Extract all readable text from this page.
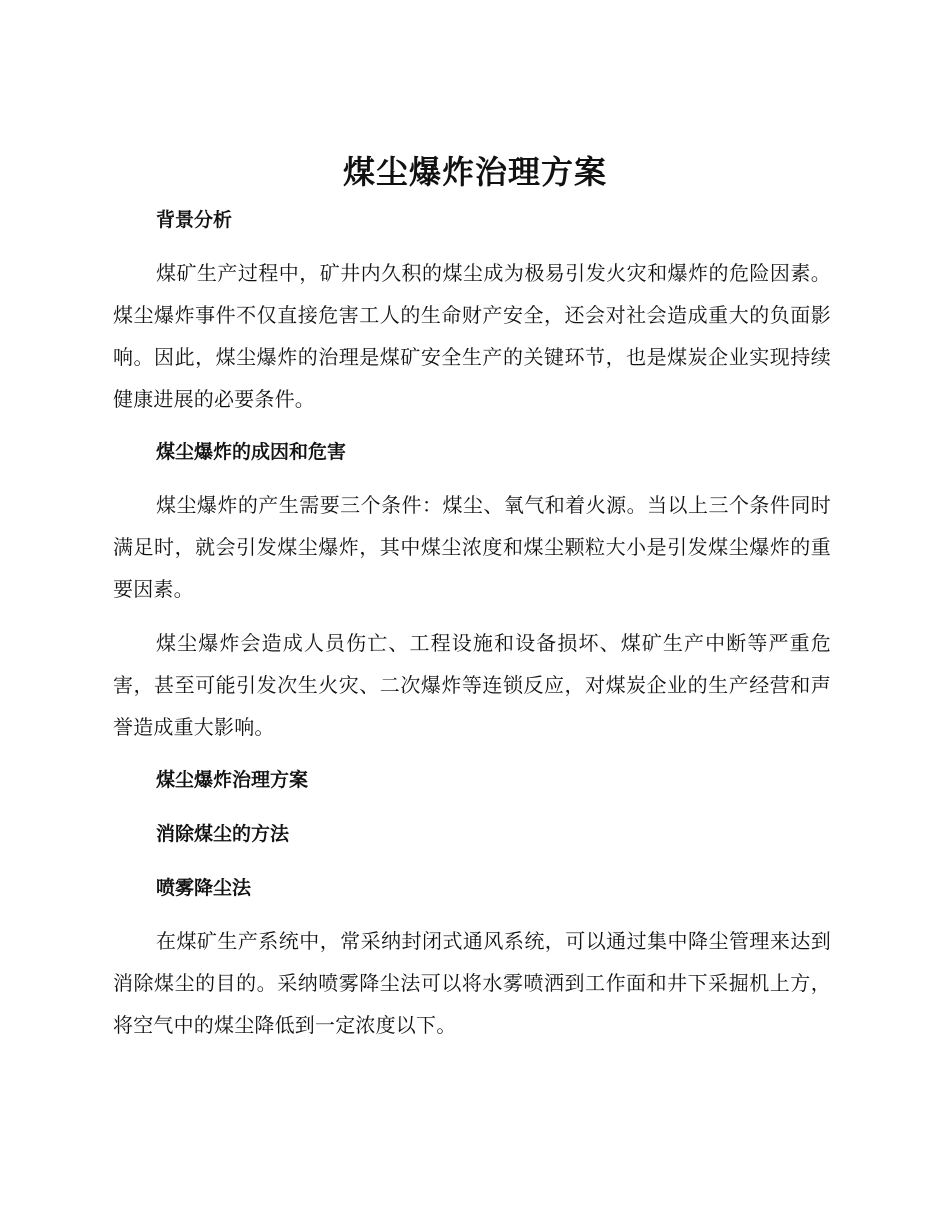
煤尘爆炸治理方案

背景分析

煤矿生产过程中，矿井内久积的煤尘成为极易引发火灾和爆炸的危险因素。煤尘爆炸事件不仅直接危害工人的生命财产安全，还会对社会造成重大的负面影响。因此，煤尘爆炸的治理是煤矿安全生产的关键环节，也是煤炭企业实现持续健康进展的必要条件。

煤尘爆炸的成因和危害

煤尘爆炸的产生需要三个条件：煤尘、氧气和着火源。当以上三个条件同时满足时，就会引发煤尘爆炸，其中煤尘浓度和煤尘颗粒大小是引发煤尘爆炸的重要因素。

煤尘爆炸会造成人员伤亡、工程设施和设备损坏、煤矿生产中断等严重危害，甚至可能引发次生火灾、二次爆炸等连锁反应，对煤炭企业的生产经营和声誉造成重大影响。

煤尘爆炸治理方案

消除煤尘的方法

喷雾降尘法

在煤矿生产系统中，常采纳封闭式通风系统，可以通过集中降尘管理来达到消除煤尘的目的。采纳喷雾降尘法可以将水雾喷洒到工作面和井下采掘机上方，将空气中的煤尘降低到一定浓度以下。
